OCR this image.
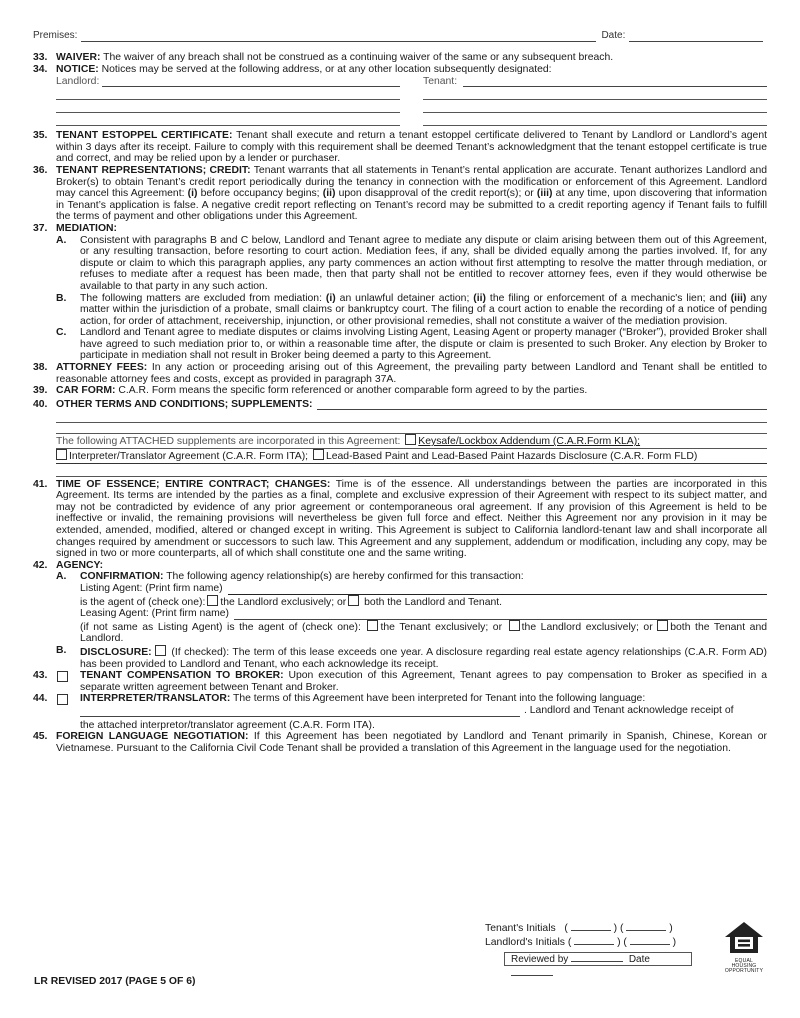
Premises:	Date:
33. WAIVER: The waiver of any breach shall not be construed as a continuing waiver of the same or any subsequent breach.
34. NOTICE: Notices may be served at the following address, or at any other location subsequently designated:
Landlord:	Tenant:
35. TENANT ESTOPPEL CERTIFICATE: Tenant shall execute and return a tenant estoppel certificate delivered to Tenant by Landlord or Landlord’s agent within 3 days after its receipt. Failure to comply with this requirement shall be deemed Tenant’s acknowledgment that the tenant estoppel certificate is true and correct, and may be relied upon by a lender or purchaser.
36. TENANT REPRESENTATIONS; CREDIT: Tenant warrants that all statements in Tenant’s rental application are accurate. Tenant authorizes Landlord and Broker(s) to obtain Tenant’s credit report periodically during the tenancy in connection with the modification or enforcement of this Agreement. Landlord may cancel this Agreement: (i) before occupancy begins; (ii) upon disapproval of the credit report(s); or (iii) at any time, upon discovering that information in Tenant’s application is false. A negative credit report reflecting on Tenant’s record may be submitted to a credit reporting agency if Tenant fails to fulfill the terms of payment and other obligations under this Agreement.
37. MEDIATION:
A. Consistent with paragraphs B and C below, Landlord and Tenant agree to mediate any dispute or claim arising between them out of this Agreement, or any resulting transaction, before resorting to court action. Mediation fees, if any, shall be divided equally among the parties involved. If, for any dispute or claim to which this paragraph applies, any party commences an action without first attempting to resolve the matter through mediation, or refuses to mediate after a request has been made, then that party shall not be entitled to recover attorney fees, even if they would otherwise be available to that party in any such action.
B. The following matters are excluded from mediation: (i) an unlawful detainer action; (ii) the filing or enforcement of a mechanic's lien; and (iii) any matter within the jurisdiction of a probate, small claims or bankruptcy court. The filing of a court action to enable the recording of a notice of pending action, for order of attachment, receivership, injunction, or other provisional remedies, shall not constitute a waiver of the mediation provision.
C. Landlord and Tenant agree to mediate disputes or claims involving Listing Agent, Leasing Agent or property manager (“Broker”), provided Broker shall have agreed to such mediation prior to, or within a reasonable time after, the dispute or claim is presented to such Broker. Any election by Broker to participate in mediation shall not result in Broker being deemed a party to this Agreement.
38. ATTORNEY FEES: In any action or proceeding arising out of this Agreement, the prevailing party between Landlord and Tenant shall be entitled to reasonable attorney fees and costs, except as provided in paragraph 37A.
39. CAR FORM: C.A.R. Form means the specific form referenced or another comparable form agreed to by the parties.
40. OTHER TERMS AND CONDITIONS; SUPPLEMENTS:
The following ATTACHED supplements are incorporated in this Agreement: Keysafe/Lockbox Addendum (C.A.R.Form KLA);
Interpreter/Translator Agreement (C.A.R. Form ITA); Lead-Based Paint and Lead-Based Paint Hazards Disclosure (C.A.R. Form FLD)
41. TIME OF ESSENCE; ENTIRE CONTRACT; CHANGES: Time is of the essence. All understandings between the parties are incorporated in this Agreement. Its terms are intended by the parties as a final, complete and exclusive expression of their Agreement with respect to its subject matter, and may not be contradicted by evidence of any prior agreement or contemporaneous oral agreement. If any provision of this Agreement is held to be ineffective or invalid, the remaining provisions will nevertheless be given full force and effect. Neither this Agreement nor any provision in it may be extended, amended, modified, altered or changed except in writing. This Agreement is subject to California landlord-tenant law and shall incorporate all changes required by amendment or successors to such law. This Agreement and any supplement, addendum or modification, including any copy, may be signed in two or more counterparts, all of which shall constitute one and the same writing.
42. AGENCY:
A. CONFIRMATION: The following agency relationship(s) are hereby confirmed for this transaction:
Listing Agent: (Print firm name)
is the agent of (check one): the Landlord exclusively; or both the Landlord and Tenant.
Leasing Agent: (Print firm name)
(if not same as Listing Agent) is the agent of (check one): the Tenant exclusively; or the Landlord exclusively; or both the Tenant and Landlord.
B. DISCLOSURE:  (If checked): The term of this lease exceeds one year. A disclosure regarding real estate agency relationships (C.A.R. Form AD) has been provided to Landlord and Tenant, who each acknowledge its receipt.
43.	TENANT COMPENSATION TO BROKER: Upon execution of this Agreement, Tenant agrees to pay compensation to Broker as specified in a separate written agreement between Tenant and Broker.
44.	INTERPRETER/TRANSLATOR: The terms of this Agreement have been interpreted for Tenant into the following language:
. Landlord and Tenant acknowledge receipt of
the attached interpretor/translator agreement (C.A.R. Form ITA).
45. FOREIGN LANGUAGE NEGOTIATION: If this Agreement has been negotiated by Landlord and Tenant primarily in Spanish, Chinese, Korean or Vietnamese. Pursuant to the California Civil Code Tenant shall be provided a translation of this Agreement in the language used for the negotiation.
Tenant's Initials   (	) (	)
Landlord's Initials (	) (	)
Reviewed by	Date	EQUAL HOUSING
OPPORTUNITY
LR REVISED 2017 (PAGE 5 OF 6)
